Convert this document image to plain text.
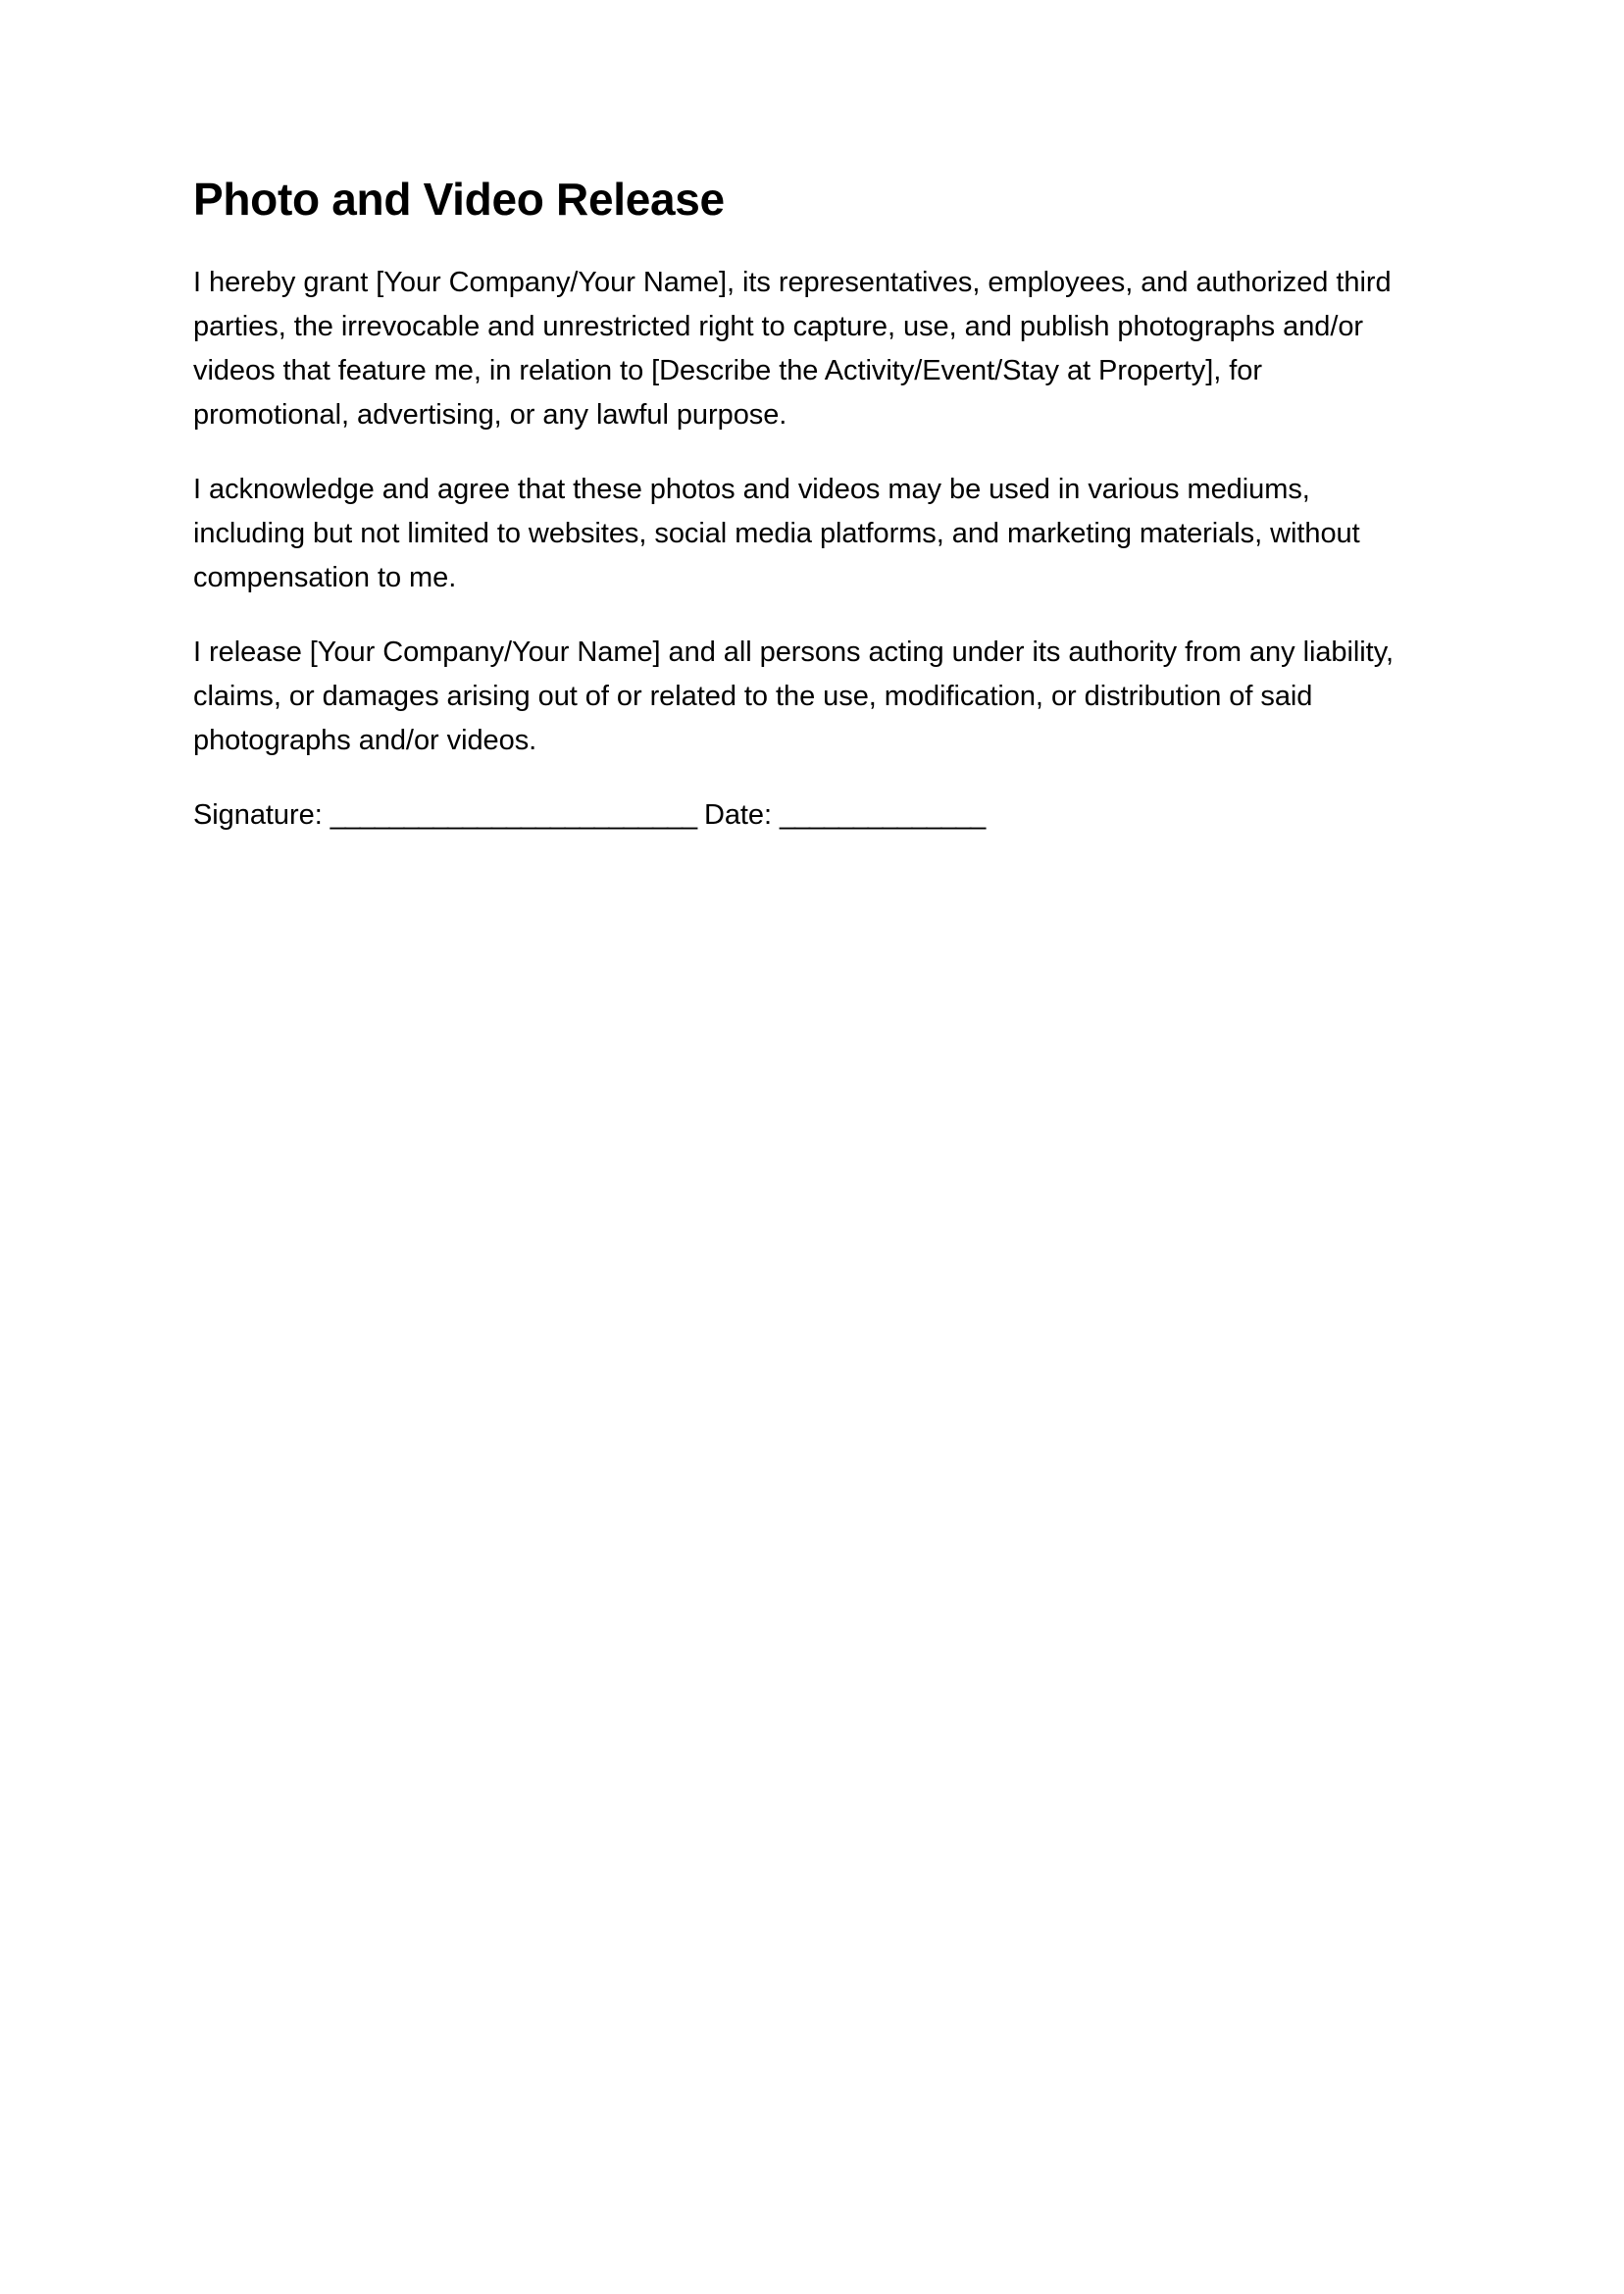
Photo and Video Release

I hereby grant [Your Company/Your Name], its representatives, employees, and authorized third parties, the irrevocable and unrestricted right to capture, use, and publish photographs and/or videos that feature me, in relation to [Describe the Activity/Event/Stay at Property], for promotional, advertising, or any lawful purpose.

I acknowledge and agree that these photos and videos may be used in various mediums, including but not limited to websites, social media platforms, and marketing materials, without compensation to me.

I release [Your Company/Your Name] and all persons acting under its authority from any liability, claims, or damages arising out of or related to the use, modification, or distribution of said photographs and/or videos.

Signature: _________________________ Date: ______________
